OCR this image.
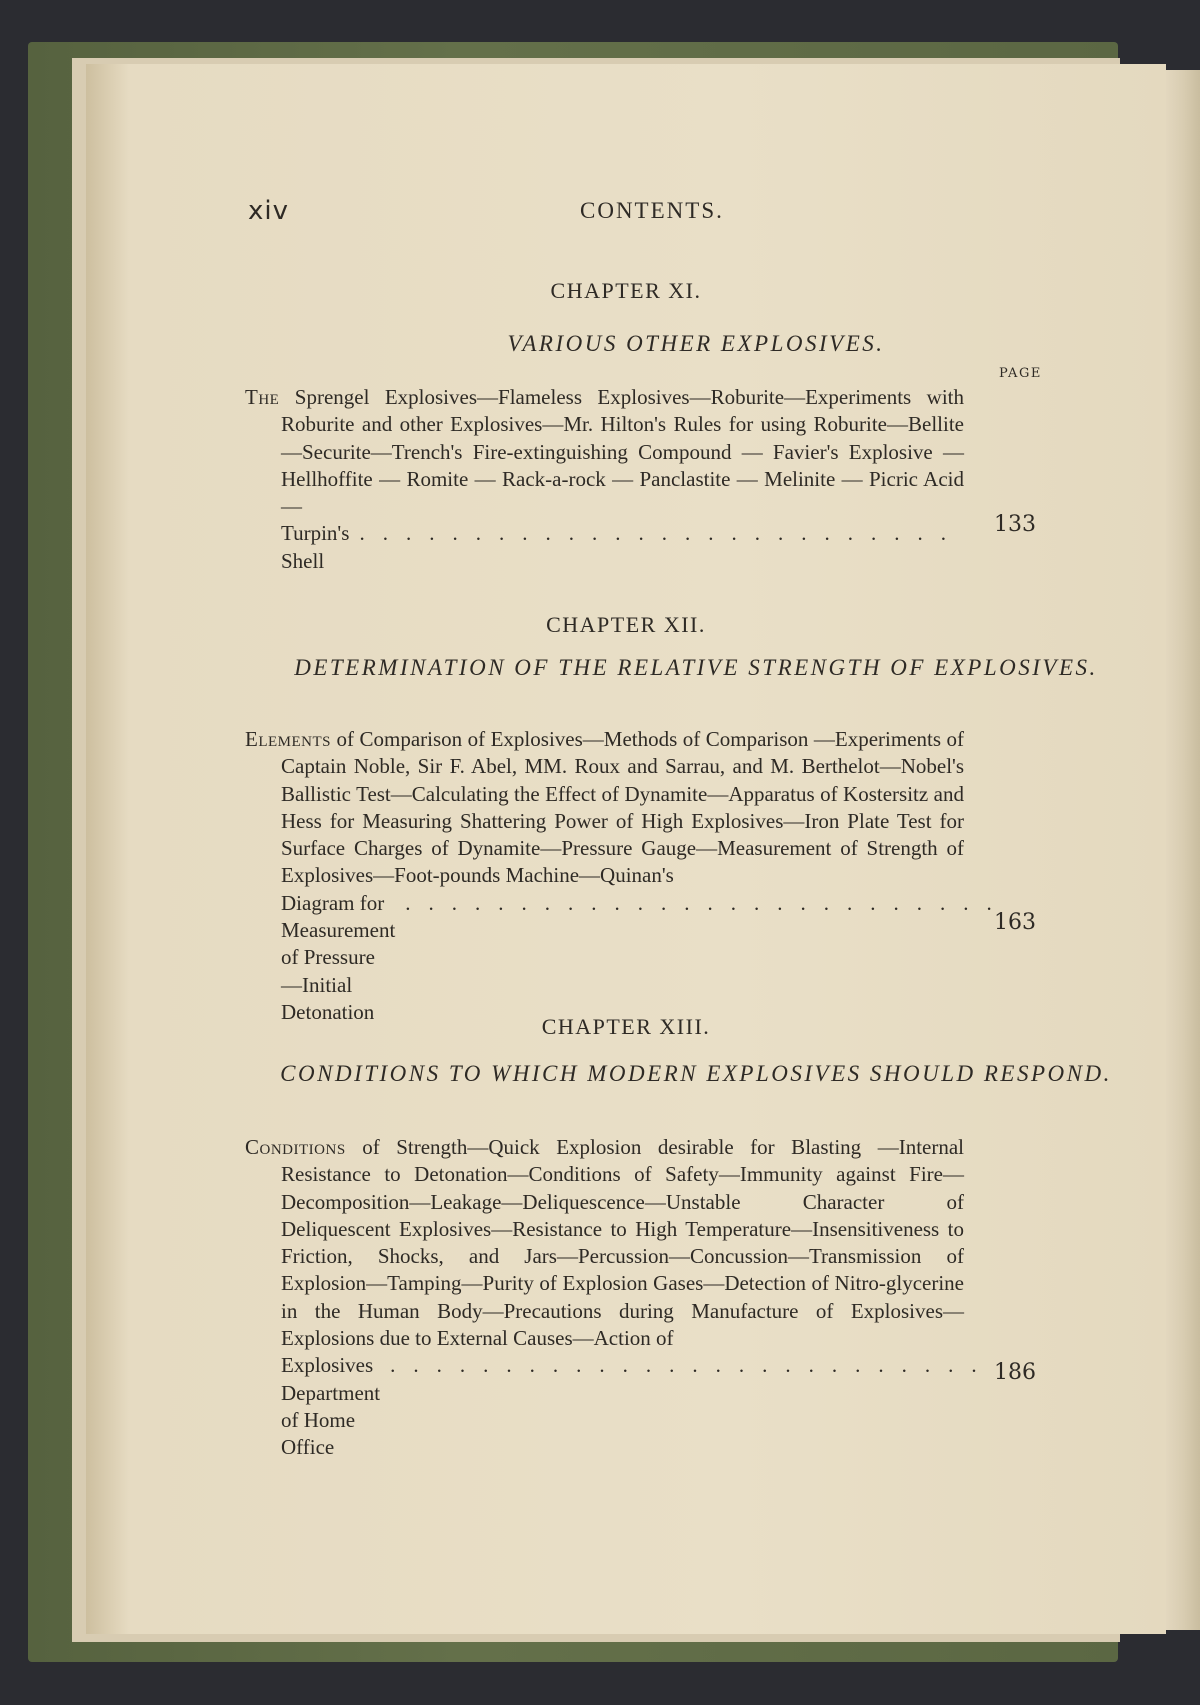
xiv	CONTENTS.
CHAPTER XI.
VARIOUS OTHER EXPLOSIVES.
PAGE
The Sprengel Explosives—Flameless Explosives—Roburite—Experiments with Roburite and other Explosives—Mr. Hilton's Rules for using Roburite—Bellite—Securite—Trench's Fire-extinguishing Compound — Favier's Explosive — Hellhoffite — Romite — Rack-a-rock — Panclastite — Melinite — Picric Acid —
Turpin's Shell
.......................... 133
CHAPTER XII.
DETERMINATION OF THE RELATIVE STRENGTH OF EXPLOSIVES.
Elements of Comparison of Explosives—Methods of Comparison —Experiments of Captain Noble, Sir F. Abel, MM. Roux and Sarrau, and M. Berthelot—Nobel's Ballistic Test—Calculating the Effect of Dynamite—Apparatus of Kostersitz and Hess for Measuring Shattering Power of High Explosives—Iron Plate Test for Surface Charges of Dynamite—Pressure Gauge—Measurement of Strength of Explosives—Foot-pounds Machine—Quinan's
Diagram for Measurement of Pressure—Initial Detonation
..........................
163
CHAPTER XIII.
CONDITIONS TO WHICH MODERN EXPLOSIVES SHOULD RESPOND.
Conditions of Strength—Quick Explosion desirable for Blasting —Internal Resistance to Detonation—Conditions of Safety—Immunity against Fire—Decomposition—Leakage—Deliquescence—Unstable Character of Deliquescent Explosives—Resistance to High Temperature—Insensitiveness to Friction, Shocks, and Jars—Percussion—Concussion—Transmission of Explosion—Tamping—Purity of Explosion Gases—Detection of Nitro-glycerine in the Human Body—Precautions during Manufacture of Explosives—Explosions due to External Causes—Action of
Explosives Department of Home Office
.......................... 186
